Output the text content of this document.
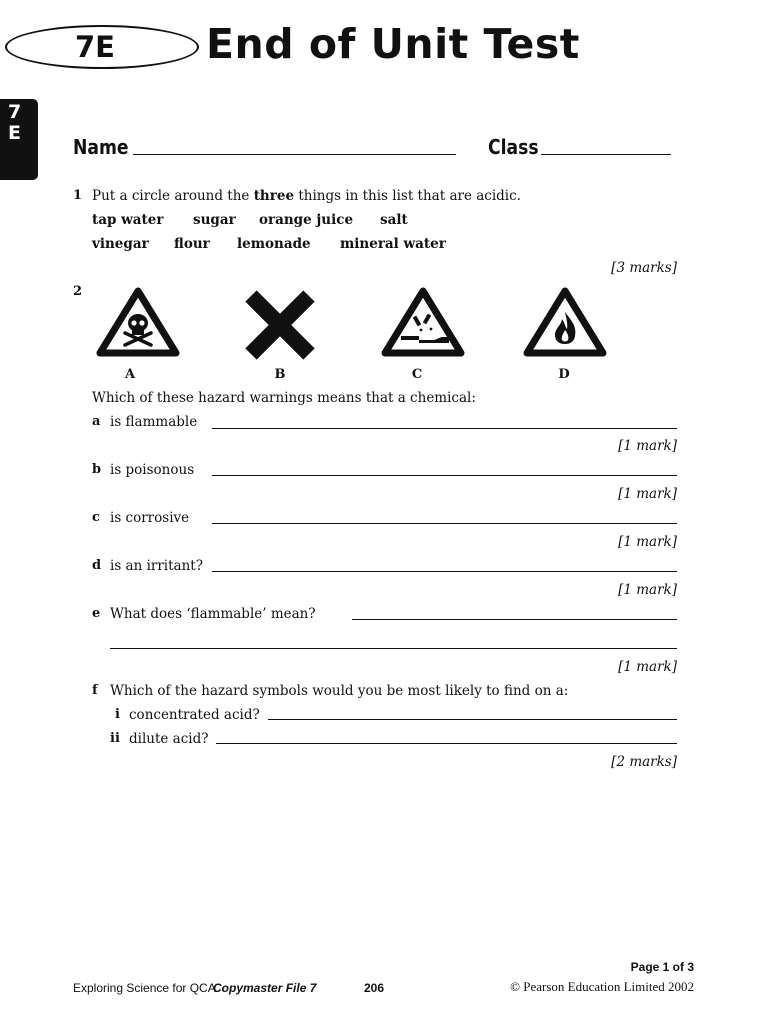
7E	End of Unit Test
7
E
Name	Class
1 Put a circle around the three things in this list that are acidic.
tap water sugar orange juice salt
vinegar flour lemonade mineral water
[3 marks]
2
A	B	C	D
Which of these hazard warnings means that a chemical:
a is flammable
[1 mark]
b is poisonous
[1 mark]
c is corrosive
[1 mark]
d is an irritant?
[1 mark]
e What does ‘flammable’ mean?
[1 mark]
f Which of the hazard symbols would you be most likely to find on a:
i concentrated acid?
ii dilute acid?
[2 marks]
Page 1 of 3
Exploring Science for QCA
Copymaster File 7	206	© Pearson Education Limited 2002
